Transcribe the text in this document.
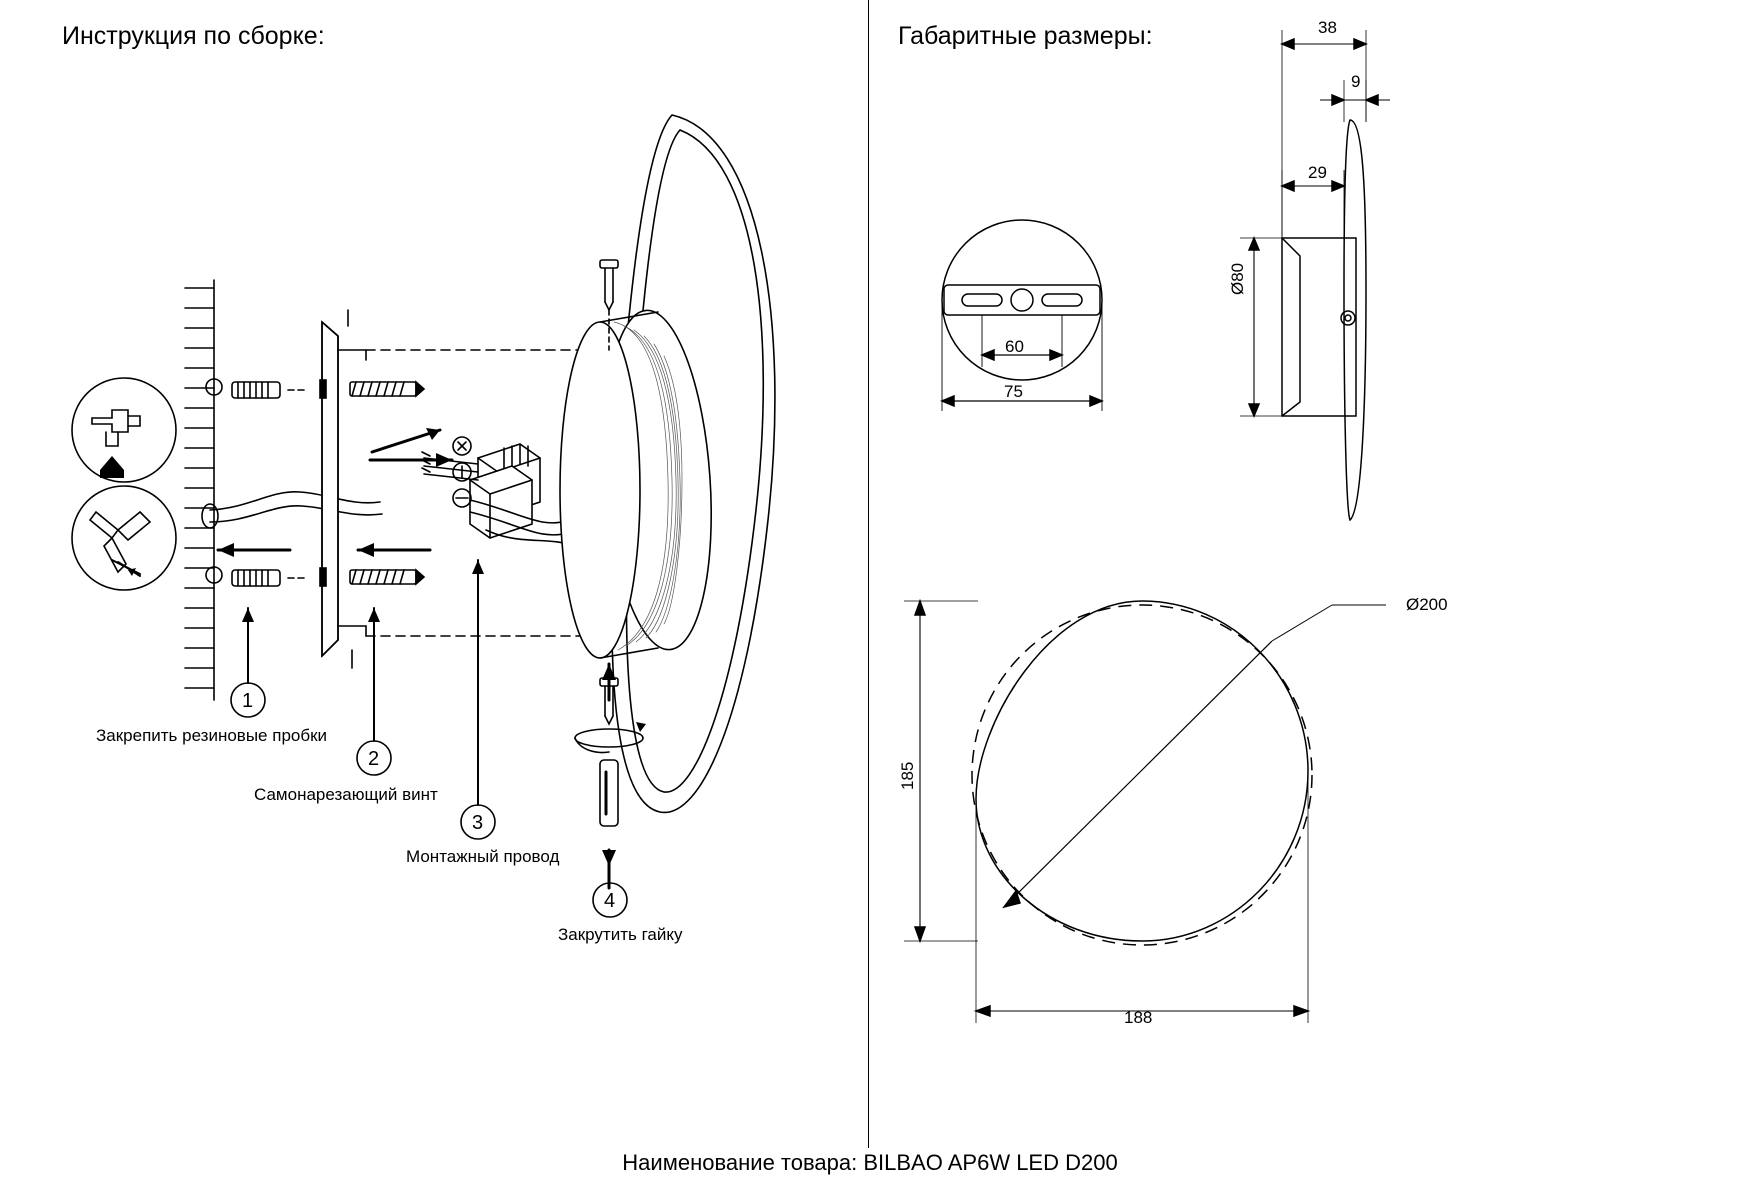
Инструкция по сборке:	Габаритные размеры:
1
2
3
4
Закрепить резиновые пробки
Самонарезающий винт
Монтажный провод
Закрутить гайку
60
75
38
9
29
Ø80
Ø200
185
188
Наименование товара: BILBAO AP6W LED D200
